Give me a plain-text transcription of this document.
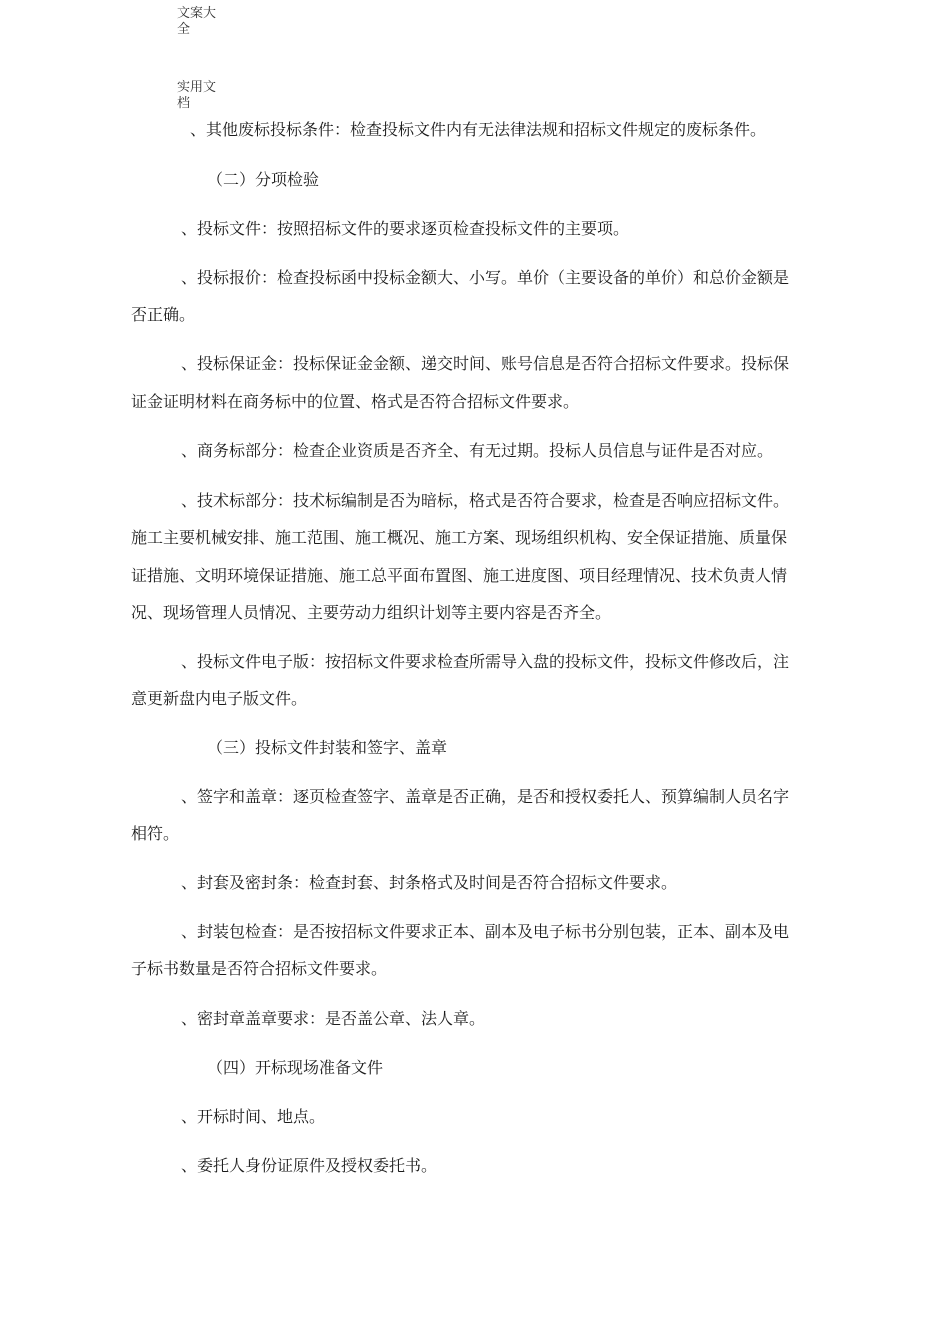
文案大全
实用文档
、其他废标投标条件：检查投标文件内有无法律法规和招标文件规定的废标条件。
（二）分项检验
、投标文件：按照招标文件的要求逐页检查投标文件的主要项。
、投标报价：检查投标函中投标金额大、小写。单价（主要设备的单价）和总价金额是
否正确。
、投标保证金：投标保证金金额、递交时间、账号信息是否符合招标文件要求。投标保
证金证明材料在商务标中的位置、格式是否符合招标文件要求。
、商务标部分：检查企业资质是否齐全、有无过期。投标人员信息与证件是否对应。
、技术标部分：技术标编制是否为暗标，格式是否符合要求，检查是否响应招标文件。
施工主要机械安排、施工范围、施工概况、施工方案、现场组织机构、安全保证措施、质量保
证措施、文明环境保证措施、施工总平面布置图、施工进度图、项目经理情况、技术负责人情
况、现场管理人员情况、主要劳动力组织计划等主要内容是否齐全。
、投标文件电子版：按招标文件要求检查所需导入盘的投标文件，投标文件修改后，注
意更新盘内电子版文件。
（三）投标文件封装和签字、盖章
、签字和盖章：逐页检查签字、盖章是否正确，是否和授权委托人、预算编制人员名字
相符。
、封套及密封条：检查封套、封条格式及时间是否符合招标文件要求。
、封装包检查：是否按招标文件要求正本、副本及电子标书分别包装，正本、副本及电
子标书数量是否符合招标文件要求。
、密封章盖章要求：是否盖公章、法人章。
（四）开标现场准备文件
、开标时间、地点。
、委托人身份证原件及授权委托书。
